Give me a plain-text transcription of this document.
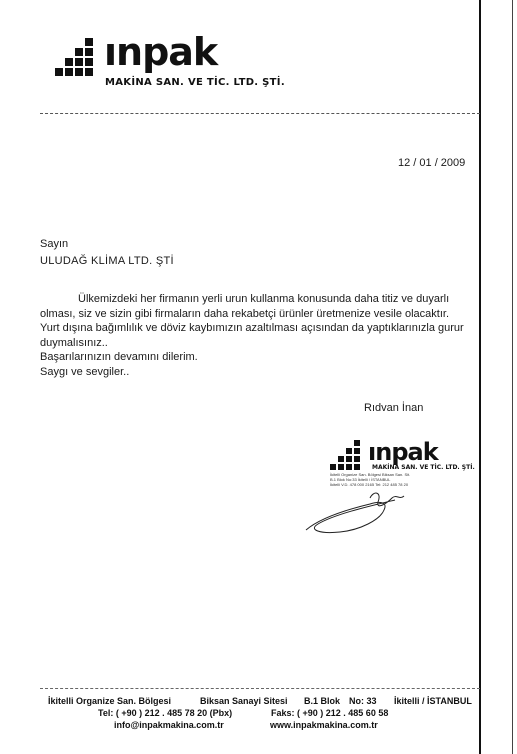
ınpak
MAKİNA SAN. VE TİC. LTD. ŞTİ.
12 / 01 / 2009
Sayın
ULUDAĞ KLİMA LTD. ŞTİ

Ülkemizdeki her firmanın yerli urun kullanma konusunda daha titiz ve duyarlı

olması, siz ve sizin gibi firmaların daha rekabetçi ürünler üretmenize vesile olacaktır.

Yurt dışına bağımlılık ve döviz kaybımızın azaltılması açısından da yaptıklarınızla gurur

duymalısınız..

Başarılarınızın devamını dilerim.

Saygı ve sevgiler..

Rıdvan İnan
ınpak
MAKİNA SAN. VE TİC. LTD. ŞTİ.
İkitelli Organize San. Bölgesi Biksan San. Sit.
B.1 Blok No:33 İkitelli / İSTANBUL
İkitelli V.D. 478 000 2165 Tel: 212 485 78 20
İkitelli Organize San. Bölgesi	Biksan Sanayi Sitesi B.1 Blok No: 33 İkitelli / İSTANBUL
Tel: ( +90 ) 212 . 485 78 20 (Pbx)	Faks: ( +90 ) 212 . 485 60 58
info@inpakmakina.com.tr	www.inpakmakina.com.tr
